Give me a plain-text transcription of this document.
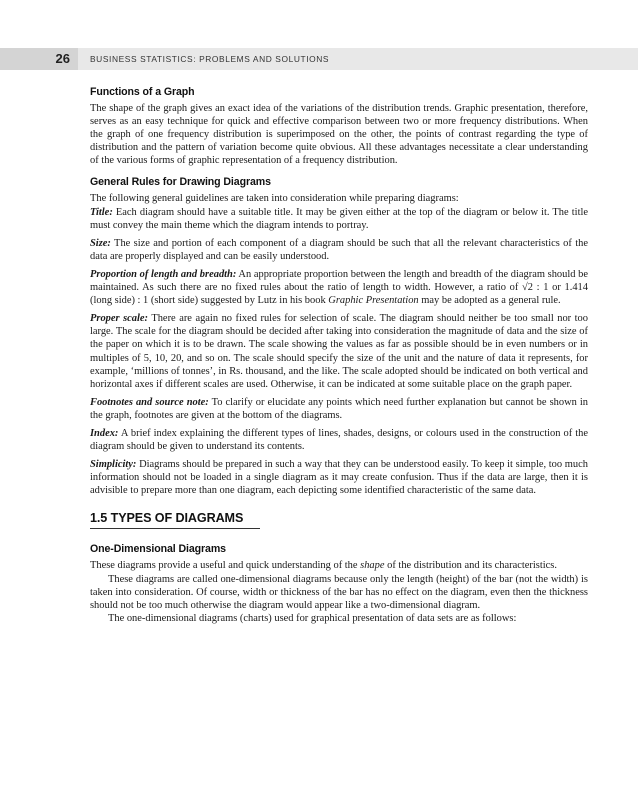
26 BUSINESS STATISTICS: PROBLEMS AND SOLUTIONS
Functions of a Graph

The shape of the graph gives an exact idea of the variations of the distribution trends. Graphic presentation, therefore, serves as an easy technique for quick and effective comparison between two or more frequency distributions. When the graph of one frequency distribution is superimposed on the other, the points of contrast regarding the type of distribution and the pattern of variation become quite obvious. All these advantages necessitate a clear understanding of the various forms of graphic representation of a frequency distribution.

General Rules for Drawing Diagrams

The following general guidelines are taken into consideration while preparing diagrams:

Title: Each diagram should have a suitable title. It may be given either at the top of the diagram or below it. The title must convey the main theme which the diagram intends to portray.

Size: The size and portion of each component of a diagram should be such that all the relevant characteristics of the data are properly displayed and can be easily understood.

Proportion of length and breadth: An appropriate proportion between the length and breadth of the diagram should be maintained. As such there are no fixed rules about the ratio of length to width. However, a ratio of √2 : 1 or 1.414 (long side) : 1 (short side) suggested by Lutz in his book Graphic Presentation may be adopted as a general rule.

Proper scale: There are again no fixed rules for selection of scale. The diagram should neither be too small nor too large. The scale for the diagram should be decided after taking into consideration the magnitude of data and the size of the paper on which it is to be drawn. The scale showing the values as far as possible should be in even numbers or in multiples of 5, 10, 20, and so on. The scale should specify the size of the unit and the nature of data it represents, for example, ‘millions of tonnes’, in Rs. thousand, and the like. The scale adopted should be indicated on both vertical and horizontal axes if different scales are used. Otherwise, it can be indicated at some suitable place on the graph paper.

Footnotes and source note: To clarify or elucidate any points which need further explanation but cannot be shown in the graph, footnotes are given at the bottom of the diagrams.

Index: A brief index explaining the different types of lines, shades, designs, or colours used in the construction of the diagram should be given to understand its contents.

Simplicity: Diagrams should be prepared in such a way that they can be understood easily. To keep it simple, too much information should not be loaded in a single diagram as it may create confusion. Thus if the data are large, then it is advisible to prepare more than one diagram, each depicting some identified characteristic of the same data.

1.5 TYPES OF DIAGRAMS
One-Dimensional Diagrams

These diagrams provide a useful and quick understanding of the shape of the distribution and its characteristics.

These diagrams are called one-dimensional diagrams because only the length (height) of the bar (not the width) is taken into consideration. Of course, width or thickness of the bar has no effect on the diagram, even then the thickness should not be too much otherwise the diagram would appear like a two-dimensional diagram.

The one-dimensional diagrams (charts) used for graphical presentation of data sets are as follows:
